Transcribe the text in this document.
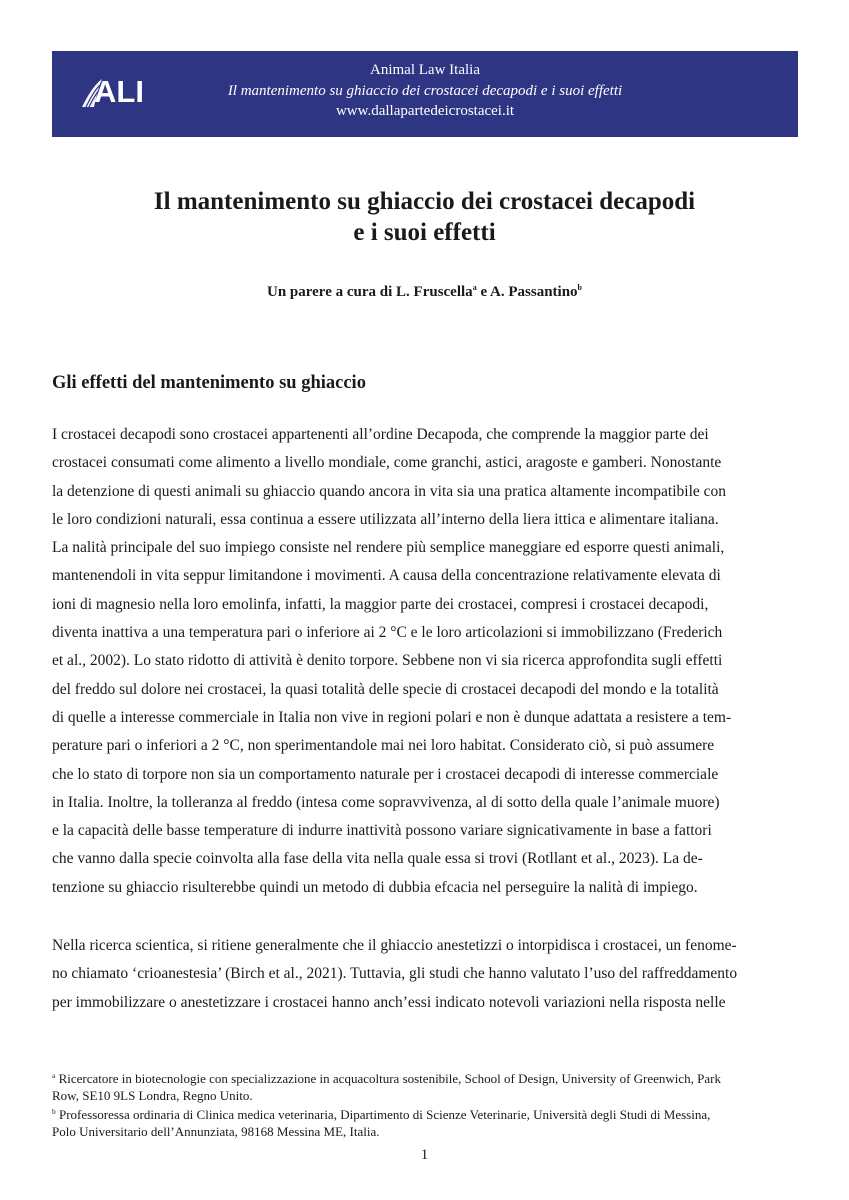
ALI
Animal Law Italia
Il mantenimento su ghiaccio dei crostacei decapodi e i suoi effetti
www.dallapartedeicrostacei.it
Il mantenimento su ghiaccio dei crostacei decapodi
e i suoi effetti
Un parere a cura di L. Fruscella$^a$ e A. Passantino$^b$
Gli effetti del mantenimento su ghiaccio

I crostacei decapodi sono crostacei appartenenti all’ordine Decapoda, che comprende la maggior parte dei
crostacei consumati come alimento a livello mondiale, come granchi, astici, aragoste e gamberi. Nonostante
la detenzione di questi animali su ghiaccio quando ancora in vita sia una pratica altamente incompatibile con
le loro condizioni naturali, essa continua a essere utilizzata all’interno della liera ittica e alimentare italiana.
La nalità principale del suo impiego consiste nel rendere più semplice maneggiare ed esporre questi animali,
mantenendoli in vita seppur limitandone i movimenti. A causa della concentrazione relativamente elevata di
ioni di magnesio nella loro emolinfa, infatti, la maggior parte dei crostacei, compresi i crostacei decapodi,
diventa inattiva a una temperatura pari o inferiore ai 2 °C e le loro articolazioni si immobilizzano (Frederich
et al., 2002). Lo stato ridotto di attività è denito torpore. Sebbene non vi sia ricerca approfondita sugli effetti
del freddo sul dolore nei crostacei, la quasi totalità delle specie di crostacei decapodi del mondo e la totalità
di quelle a interesse commerciale in Italia non vive in regioni polari e non è dunque adattata a resistere a tem-
perature pari o inferiori a 2 °C, non sperimentandole mai nei loro habitat. Considerato ciò, si può assumere
che lo stato di torpore non sia un comportamento naturale per i crostacei decapodi di interesse commerciale
in Italia. Inoltre, la tolleranza al freddo (intesa come sopravvivenza, al di sotto della quale l’animale muore)
e la capacità delle basse temperature di indurre inattività possono variare signicativamente in base a fattori
che vanno dalla specie coinvolta alla fase della vita nella quale essa si trovi (Rotllant et al., 2023). La de-
tenzione su ghiaccio risulterebbe quindi un metodo di dubbia efcacia nel perseguire la nalità di impiego.

Nella ricerca scientica, si ritiene generalmente che il ghiaccio anestetizzi o intorpidisca i crostacei, un fenome-
no chiamato ‘crioanestesia’ (Birch et al., 2021). Tuttavia, gli studi che hanno valutato l’uso del raffreddamento
per immobilizzare o anestetizzare i crostacei hanno anch’essi indicato notevoli variazioni nella risposta nelle

$^a$ Ricercatore in biotecnologie con specializzazione in acquacoltura sostenibile, School of Design, University of Greenwich, Park
Row, SE10 9LS Londra, Regno Unito.
$^b$ Professoressa ordinaria di Clinica medica veterinaria, Dipartimento di Scienze Veterinarie, Università degli Studi di Messina,
Polo Universitario dell’Annunziata, 98168 Messina ME, Italia.
1
